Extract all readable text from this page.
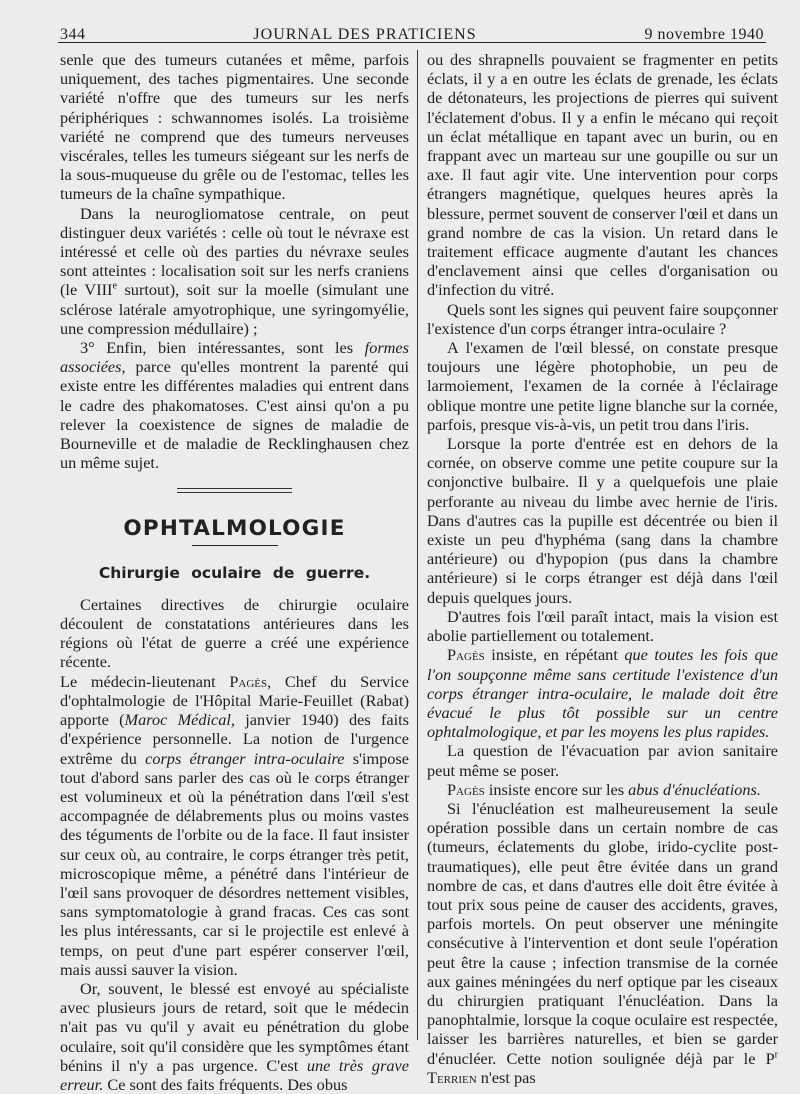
344	JOURNAL DES PRATICIENS	9 novembre 1940

senle que des tumeurs cutanées et même, parfois uniquement, des taches pigmentaires. Une seconde variété n'offre que des tumeurs sur les nerfs périphériques : schwannomes isolés. La troisième variété ne comprend que des tumeurs nerveuses viscérales, telles les tumeurs siégeant sur les nerfs de la sous-muqueuse du grêle ou de l'estomac, telles les tumeurs de la chaîne sympathique.

Dans la neurogliomatose centrale, on peut distinguer deux variétés : celle où tout le névraxe est intéressé et celle où des parties du névraxe seules sont atteintes : localisation soit sur les nerfs craniens (le VIIIe surtout), soit sur la moelle (simulant une sclérose latérale amyotrophique, une syringomyélie, une compression médullaire) ;

3° Enfin, bien intéressantes, sont les formes associées, parce qu'elles montrent la parenté qui existe entre les différentes maladies qui entrent dans le cadre des phakomatoses. C'est ainsi qu'on a pu relever la coexistence de signes de maladie de Bourneville et de maladie de Recklinghausen chez un même sujet.

OPHTALMOLOGIE
Chirurgie oculaire de guerre.

Certaines directives de chirurgie oculaire découlent de constatations antérieures dans les régions où l'état de guerre a créé une expérience récente.

Le médecin-lieutenant Pagès, Chef du Service d'ophtalmologie de l'Hôpital Marie-Feuillet (Rabat) apporte (Maroc Médical, janvier 1940) des faits d'expérience personnelle. La notion de l'urgence extrême du corps étranger intra-oculaire s'impose tout d'abord sans parler des cas où le corps étranger est volumineux et où la pénétration dans l'œil s'est accompagnée de délabrements plus ou moins vastes des téguments de l'orbite ou de la face. Il faut insister sur ceux où, au contraire, le corps étranger très petit, microscopique même, a pénétré dans l'intérieur de l'œil sans provoquer de désordres nettement visibles, sans symptomatologie à grand fracas. Ces cas sont les plus intéressants, car si le projectile est enlevé à temps, on peut d'une part espérer conserver l'œil, mais aussi sauver la vision.

Or, souvent, le blessé est envoyé au spécialiste avec plusieurs jours de retard, soit que le médecin n'ait pas vu qu'il y avait eu pénétration du globe oculaire, soit qu'il considère que les symptômes étant bénins il n'y a pas urgence. C'est une très grave erreur. Ce sont des faits fréquents. Des obus

ou des shrapnells pouvaient se fragmenter en petits éclats, il y a en outre les éclats de grenade, les éclats de détonateurs, les projections de pierres qui suivent l'éclatement d'obus. Il y a enfin le mécano qui reçoit un éclat métallique en tapant avec un burin, ou en frappant avec un marteau sur une goupille ou sur un axe. Il faut agir vite. Une intervention pour corps étrangers magnétique, quelques heures après la blessure, permet souvent de conserver l'œil et dans un grand nombre de cas la vision. Un retard dans le traitement efficace augmente d'autant les chances d'enclavement ainsi que celles d'organisation ou d'infection du vitré.

Quels sont les signes qui peuvent faire soupçonner l'existence d'un corps étranger intra-oculaire ?

A l'examen de l'œil blessé, on constate presque toujours une légère photophobie, un peu de larmoiement, l'examen de la cornée à l'éclairage oblique montre une petite ligne blanche sur la cornée, parfois, presque vis-à-vis, un petit trou dans l'iris.

Lorsque la porte d'entrée est en dehors de la cornée, on observe comme une petite coupure sur la conjonctive bulbaire. Il y a quelquefois une plaie perforante au niveau du limbe avec hernie de l'iris. Dans d'autres cas la pupille est décentrée ou bien il existe un peu d'hyphéma (sang dans la chambre antérieure) ou d'hypopion (pus dans la chambre antérieure) si le corps étranger est déjà dans l'œil depuis quelques jours.

D'autres fois l'œil paraît intact, mais la vision est abolie partiellement ou totalement.

Pagès insiste, en répétant que toutes les fois que l'on soupçonne même sans certitude l'existence d'un corps étranger intra-oculaire, le malade doit être évacué le plus tôt possible sur un centre ophtalmologique, et par les moyens les plus rapides.

La question de l'évacuation par avion sanitaire peut même se poser.

Pagès insiste encore sur les abus d'énucléations.

Si l'énucléation est malheureusement la seule opération possible dans un certain nombre de cas (tumeurs, éclatements du globe, irido-cyclite post-traumatiques), elle peut être évitée dans un grand nombre de cas, et dans d'autres elle doit être évitée à tout prix sous peine de causer des accidents, graves, parfois mortels. On peut observer une méningite consécutive à l'intervention et dont seule l'opération peut être la cause ; infection transmise de la cornée aux gaines méningées du nerf optique par les ciseaux du chirurgien pratiquant l'énucléation. Dans la panophtalmie, lorsque la coque oculaire est respectée, laisser les barrières naturelles, et bien se garder d'énucléer. Cette notion soulignée déjà par le $P^r$ Terrien n'est pas
